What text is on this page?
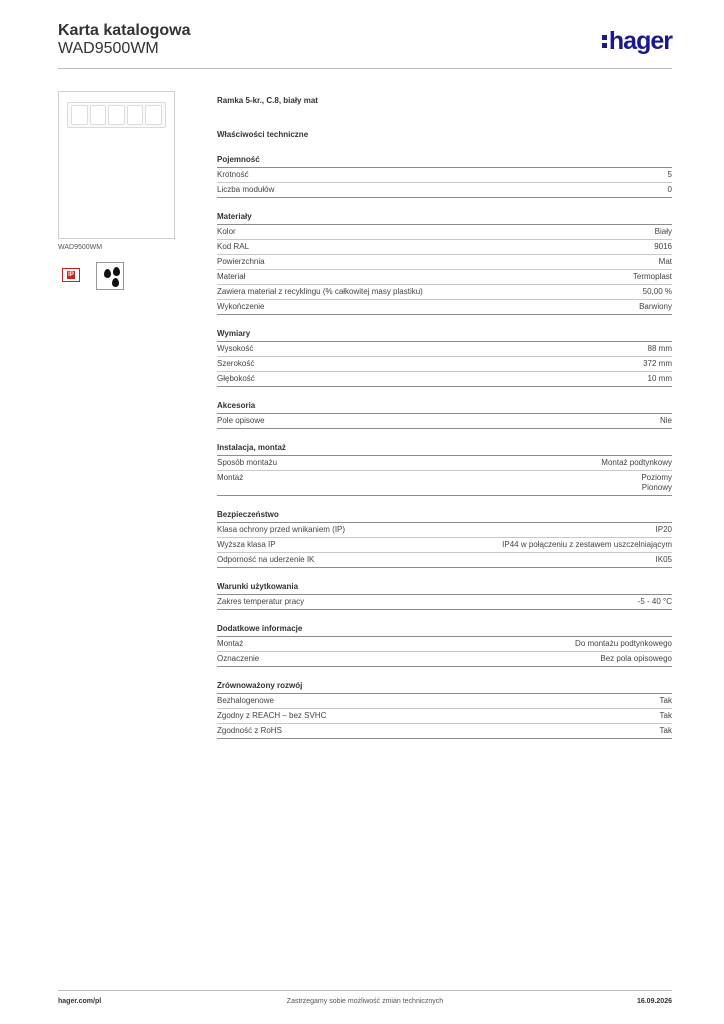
Karta katalogowa
WAD9500WM	hager
WAD9500WM
IP
Ramka 5-kr., C.8, biały mat
Właściwości techniczne
Pojemność
Krotność	5
Liczba modułów	0
Materiały
Kolor	Biały
Kod RAL	9016
Powierzchnia	Mat
Materiał	Termoplast
Zawiera materiał z recyklingu (% całkowitej masy plastiku)	50,00 %
Wykończenie	Barwiony
Wymiary
Wysokość	88 mm
Szerokość	372 mm
Głębokość	10 mm
Akcesoria
Pole opisowe	Nie
Instalacja, montaż
Sposób montażu	Montaż podtynkowy
Montaż	Poziomy
Pionowy
Bezpieczeństwo
Klasa ochrony przed wnikaniem (IP)	IP20
Wyższa klasa IP	IP44 w połączeniu z zestawem uszczelniającym
Odporność na uderzenie IK	IK05
Warunki użytkowania
Zakres temperatur pracy	-5 - 40 °C
Dodatkowe informacje
Montaż	Do montażu podtynkowego
Oznaczenie	Bez pola opisowego
Zrównoważony rozwój
Bezhalogenowe	Tak
Zgodny z REACH – bez SVHC	Tak
Zgodność z RoHS	Tak
hager.com/pl	Zastrzegamy sobie możliwość zmian technicznych	16.09.2026
